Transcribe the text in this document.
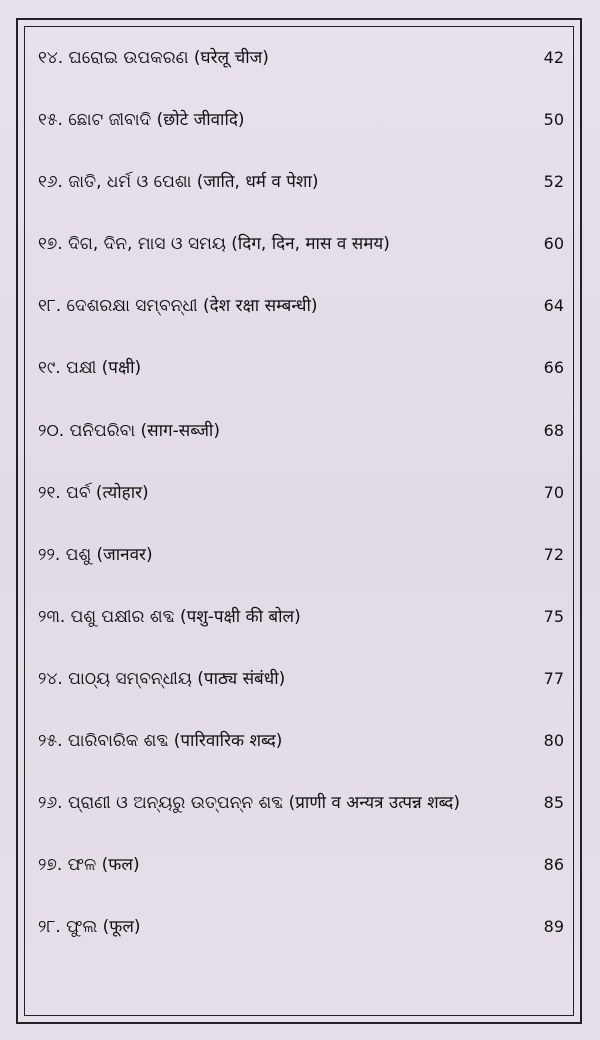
୧୪. ଘରୋଇ ଉପକରଣ (घरेलू चीज)	42
୧୫. ଛୋଟ ଜୀବାଦି (छोटे जीवादि)	50
୧୬. ଜାତି, ଧର୍ମ ଓ ପେଶା (जाति, धर्म व पेशा)	52
୧୭. ଦିଗ, ଦିନ, ମାସ ଓ ସମୟ (दिग, दिन, मास व समय)	60
୧୮. ଦେଶରକ୍ଷା ସମ୍ବନ୍ଧୀ (देश रक्षा सम्बन्धी)	64
୧୯. ପକ୍ଷୀ (पक्षी)	66
୨୦. ପନିପରିବା (साग-सब्जी)	68
୨୧. ପର୍ବ (त्योहार)	70
୨୨. ପଶୁ (जानवर)	72
୨୩. ପଶୁ ପକ୍ଷୀର ଶବ୍ଦ (पशु-पक्षी की बोल)	75
୨୪. ପାଠ୍ୟ ସମ୍ବନ୍ଧୀୟ (पाठ्य संबंधी)	77
୨୫. ପାରିବାରିକ ଶବ୍ଦ (पारिवारिक शब्द)	80
୨୬. ପ୍ରାଣୀ ଓ ଅନ୍ୟରୁ ଉତ୍ପନ୍ନ ଶବ୍ଦ (प्राणी व अन्यत्र उत्पन्न शब्द)	85
୨୭. ଫଳ (फल)	86
୨୮. ଫୁଲ (फूल)	89
